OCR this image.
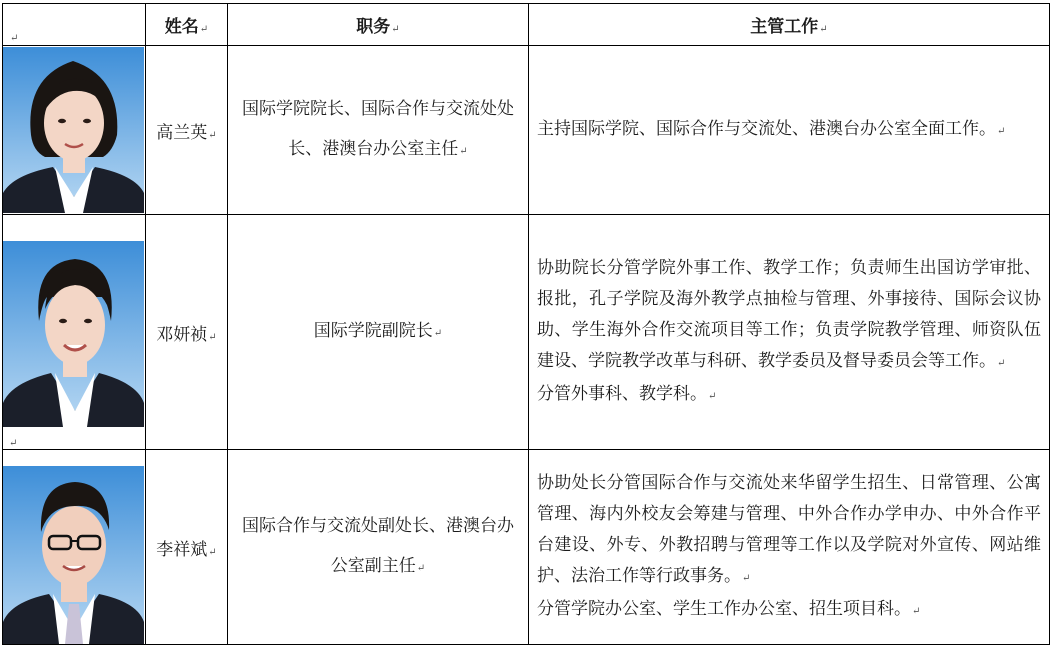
↵	姓名↵	职务↵	主管工作↵

	高兰英↵	国际学院院长、国际合作与交流处处长、港澳台办公室主任↵	主持国际学院、国际合作与交流处、港澳台办公室全面工作。↵

↵	邓妍祯↵	国际学院副院长↵	协助院长分管学院外事工作、教学工作；负责师生出国访学审批、报批，孔子学院及海外教学点抽检与管理、外事接待、国际会议协助、学生海外合作交流项目等工作；负责学院教学管理、师资队伍建设、学院教学改革与科研、教学委员及督导委员会等工作。↵

分管外事科、教学科。↵

	李祥斌↵	国际合作与交流处副处长、港澳台办公室副主任↵	协助处长分管国际合作与交流处来华留学生招生、日常管理、公寓管理、海内外校友会筹建与管理、中外合作办学申办、中外合作平台建设、外专、外教招聘与管理等工作以及学院对外宣传、网站维护、法治工作等行政事务。↵

分管学院办公室、学生工作办公室、招生项目科。↵
